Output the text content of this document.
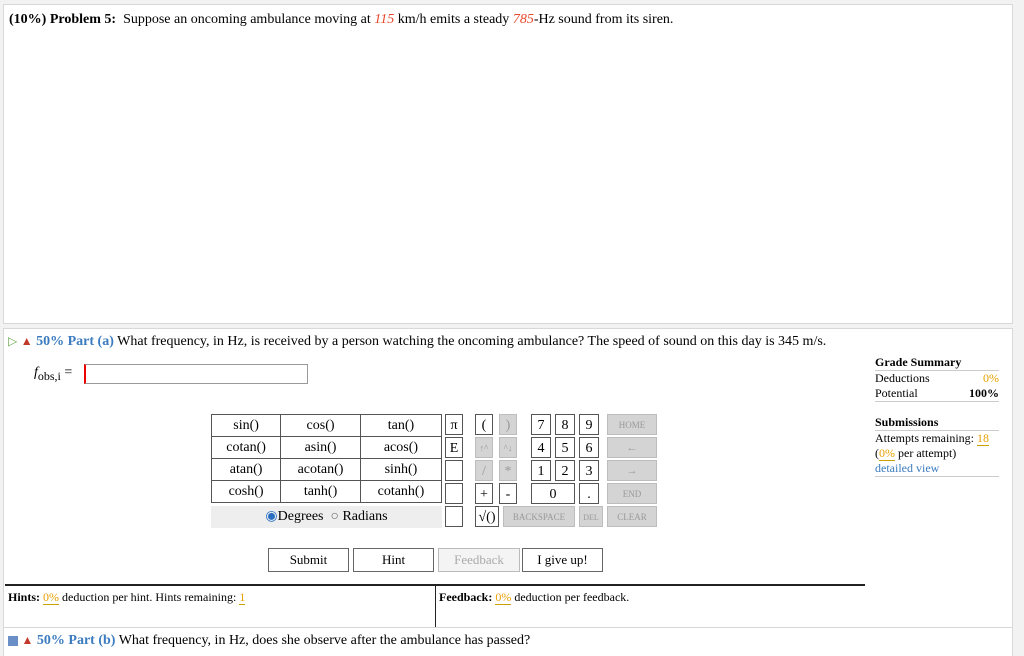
(10%) Problem 5: Suppose an oncoming ambulance moving at 115 km/h emits a steady 785-Hz sound from its siren.
▷ ▲ 50% Part (a) What frequency, in Hz, is received by a person watching the oncoming ambulance? The speed of sound on this day is 345 m/s.
$f_{obs,i}$ =
sin()	cos()	tan()
cotan()	asin()	acos()
atan()	acotan()	sinh()
cosh()	tanh()	cotanh()
◉Degrees ○ Radians
π	(	)
E	↑^	^↓
/	*
+	-
√()
7	8	9
4	5	6
1	2	3
0	.
HOME
←
→
END
BACKSPACE	DEL	CLEAR
Submit	Hint	Feedback	I give up!
Hints: 0% deduction per hint. Hints remaining: 1	Feedback: 0% deduction per feedback.
Grade Summary
Deductions	0%
Potential	100%
Submissions
Attempts remaining: 18
(0% per attempt)
detailed view
▲ 50% Part (b) What frequency, in Hz, does she observe after the ambulance has passed?
